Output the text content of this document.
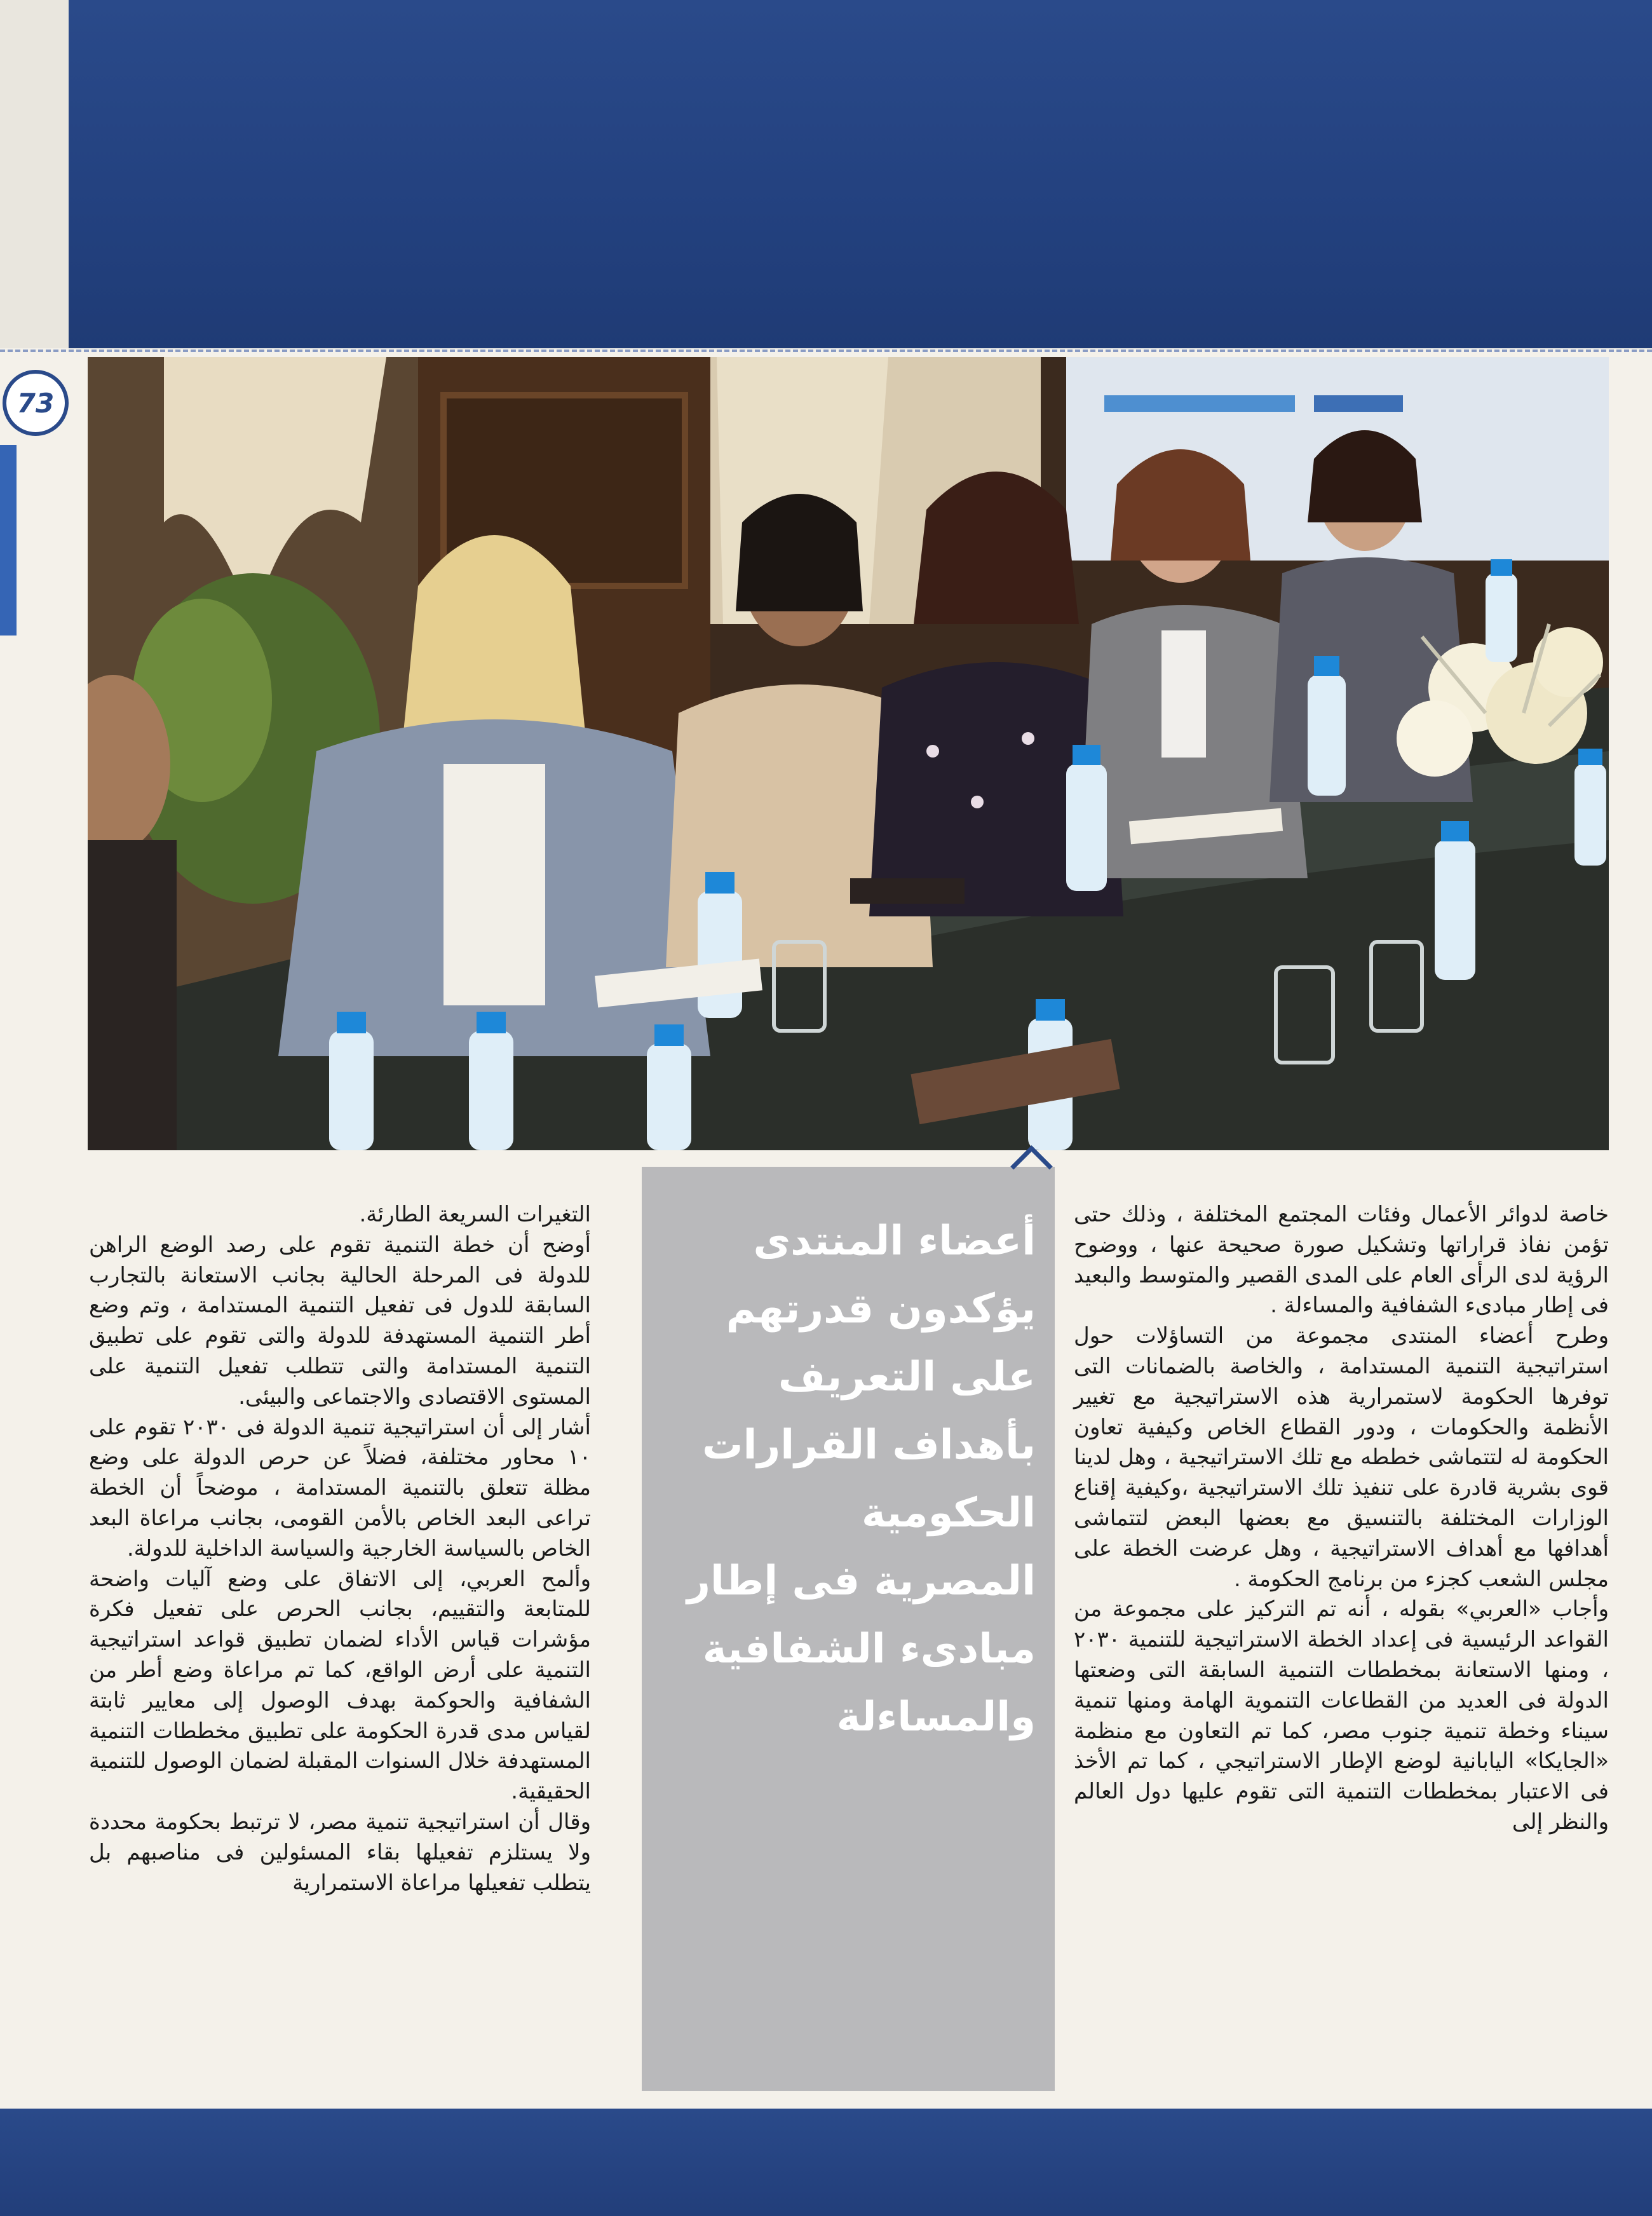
73
أعضاء المنتدى
يؤكدون قدرتهم
على التعريف
بأهداف القرارات
الحكومية
المصرية فى إطار
مبادىء الشفافية
والمساءلة

خاصة لدوائر الأعمال وفئات المجتمع المختلفة ، وذلك حتى تؤمن نفاذ قراراتها وتشكيل صورة صحيحة عنها ، ووضوح الرؤية لدى الرأى العام على المدى القصير والمتوسط والبعيد فى إطار مبادىء الشفافية والمساءلة .

وطرح أعضاء المنتدى مجموعة من التساؤلات حول استراتيجية التنمية المستدامة ، والخاصة بالضمانات التى توفرها الحكومة لاستمرارية هذه الاستراتيجية مع تغيير الأنظمة والحكومات ، ودور القطاع الخاص وكيفية تعاون الحكومة له لتتماشى خططه مع تلك الاستراتيجية ، وهل لدينا قوى بشرية قادرة على تنفيذ تلك الاستراتيجية ،وكيفية إقناع الوزارات المختلفة بالتنسيق مع بعضها البعض لتتماشى أهدافها مع أهداف الاستراتيجية ، وهل عرضت الخطة على مجلس الشعب كجزء من برنامج الحكومة .

وأجاب «العربي» بقوله ، أنه تم التركيز على مجموعة من القواعد الرئيسية فى إعداد الخطة الاستراتيجية للتنمية ٢٠٣٠ ، ومنها الاستعانة بمخططات التنمية السابقة التى وضعتها الدولة فى العديد من القطاعات التنموية الهامة ومنها تنمية سيناء وخطة تنمية جنوب مصر، كما تم التعاون مع منظمة «الجايكا» اليابانية لوضع الإطار الاستراتيجي ، كما تم الأخذ فى الاعتبار بمخططات التنمية التى تقوم عليها دول العالم والنظر إلى

التغيرات السريعة الطارئة.

أوضح أن خطة التنمية تقوم على رصد الوضع الراهن للدولة فى المرحلة الحالية بجانب الاستعانة بالتجارب السابقة للدول فى تفعيل التنمية المستدامة ، وتم وضع أطر التنمية المستهدفة للدولة والتى تقوم على تطبيق التنمية المستدامة والتى تتطلب تفعيل التنمية على المستوى الاقتصادى والاجتماعى والبيئى.

أشار إلى أن استراتيجية تنمية الدولة فى ٢٠٣٠ تقوم على ١٠ محاور مختلفة، فضلاً عن حرص الدولة على وضع مظلة تتعلق بالتنمية المستدامة ، موضحاً أن الخطة تراعى البعد الخاص بالأمن القومى، بجانب مراعاة البعد الخاص بالسياسة الخارجية والسياسة الداخلية للدولة.

وألمح العربي، إلى الاتفاق على وضع آليات واضحة للمتابعة والتقييم، بجانب الحرص على تفعيل فكرة مؤشرات قياس الأداء لضمان تطبيق قواعد استراتيجية التنمية على أرض الواقع، كما تم مراعاة وضع أطر من الشفافية والحوكمة بهدف الوصول إلى معايير ثابتة لقياس مدى قدرة الحكومة على تطبيق مخططات التنمية المستهدفة خلال السنوات المقبلة لضمان الوصول للتنمية الحقيقية.

وقال أن استراتيجية تنمية مصر، لا ترتبط بحكومة محددة ولا يستلزم تفعيلها بقاء المسئولين فى مناصبهم بل يتطلب تفعيلها مراعاة الاستمرارية
